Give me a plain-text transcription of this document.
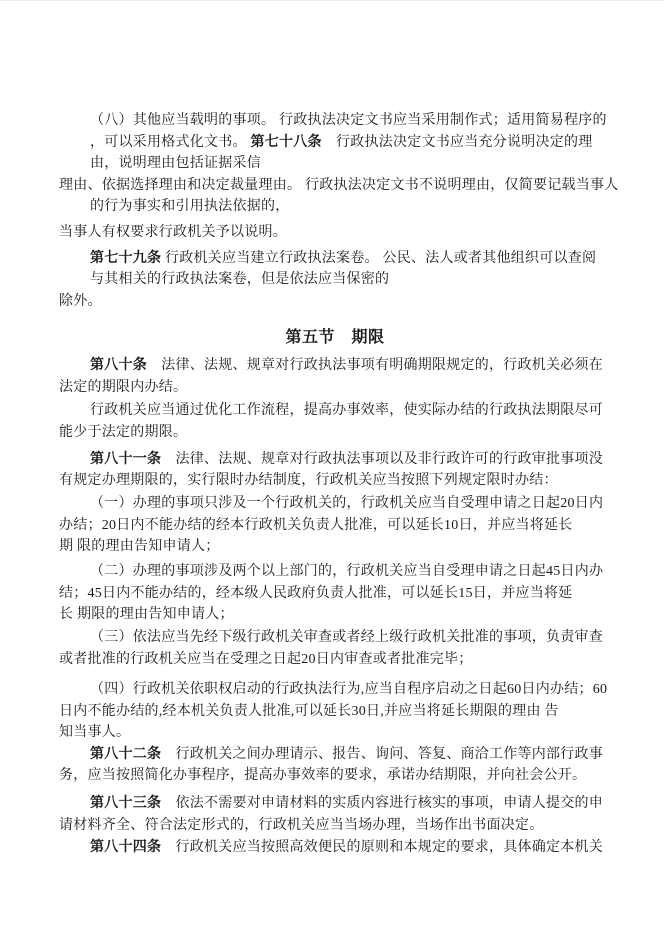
（八）其他应当载明的事项。 行政执法决定文书应当采用制作式；适用简易程序的
，可以采用格式化文书。 第七十八条　行政执法决定文书应当充分说明决定的理
由，说明理由包括证据采信
理由、依据选择理由和决定裁量理由。 行政执法决定文书不说明理由，仅简要记载当事人
的行为事实和引用执法依据的，
当事人有权要求行政机关予以说明。
第七十九条 行政机关应当建立行政执法案卷。 公民、法人或者其他组织可以查阅
与其相关的行政执法案卷，但是依法应当保密的
除外。
第五节　期限
第八十条　法律、法规、规章对行政执法事项有明确期限规定的，行政机关必须在
法定的期限内办结。
行政机关应当通过优化工作流程，提高办事效率，使实际办结的行政执法期限尽可
能少于法定的期限。
第八十一条　法律、法规、规章对行政执法事项以及非行政许可的行政审批事项没
有规定办理期限的，实行限时办结制度，行政机关应当按照下列规定限时办结：
（一）办理的事项只涉及一个行政机关的，行政机关应当自受理申请之日起20日内
办结；20日内不能办结的经本行政机关负责人批准，可以延长10日，并应当将延长
期 限的理由告知申请人；
（二）办理的事项涉及两个以上部门的，行政机关应当自受理申请之日起45日内办
结；45日内不能办结的，经本级人民政府负责人批准，可以延长15日，并应当将延
长 期限的理由告知申请人；
（三）依法应当先经下级行政机关审查或者经上级行政机关批准的事项，负责审查
或者批准的行政机关应当在受理之日起20日内审查或者批准完毕；
（四）行政机关依职权启动的行政执法行为,应当自程序启动之日起60日内办结；60
日内不能办结的,经本机关负责人批准,可以延长30日,并应当将延长期限的理由 告
知当事人。
第八十二条　行政机关之间办理请示、报告、询问、答复、商洽工作等内部行政事
务，应当按照简化办事程序，提高办事效率的要求，承诺办结期限，并向社会公开。
第八十三条　依法不需要对申请材料的实质内容进行核实的事项，申请人提交的申
请材料齐全、符合法定形式的，行政机关应当当场办理，当场作出书面决定。
第八十四条　行政机关应当按照高效便民的原则和本规定的要求，具体确定本机关
